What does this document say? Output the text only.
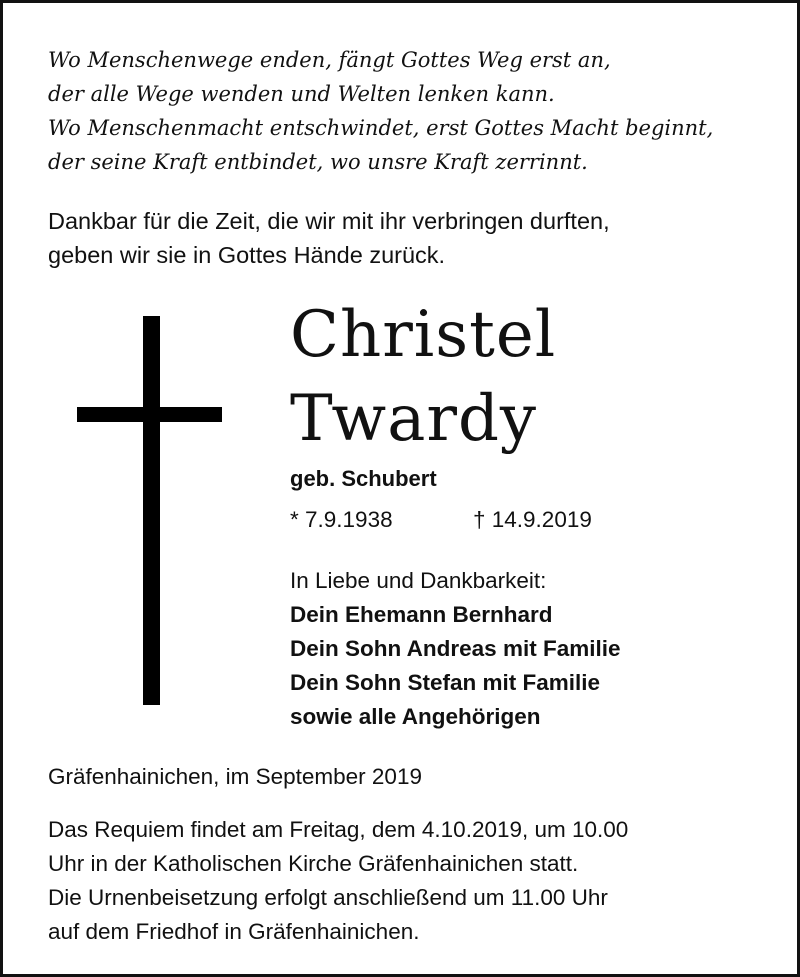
Wo Menschenwege enden, fängt Gottes Weg erst an,
der alle Wege wenden und Welten lenken kann.
Wo Menschenmacht entschwindet, erst Gottes Macht beginnt,
der seine Kraft entbindet, wo unsre Kraft zerrinnt.
Dankbar für die Zeit, die wir mit ihr verbringen durften,
geben wir sie in Gottes Hände zurück.
Christel
Twardy
geb. Schubert
* 7.9.1938	† 14.9.2019
In Liebe und Dankbarkeit:
Dein Ehemann Bernhard
Dein Sohn Andreas mit Familie
Dein Sohn Stefan mit Familie
sowie alle Angehörigen
Gräfenhainichen, im September 2019
Das Requiem findet am Freitag, dem 4.10.2019, um 10.00
Uhr in der Katholischen Kirche Gräfenhainichen statt.
Die Urnenbeisetzung erfolgt anschließend um 11.00 Uhr
auf dem Friedhof in Gräfenhainichen.
